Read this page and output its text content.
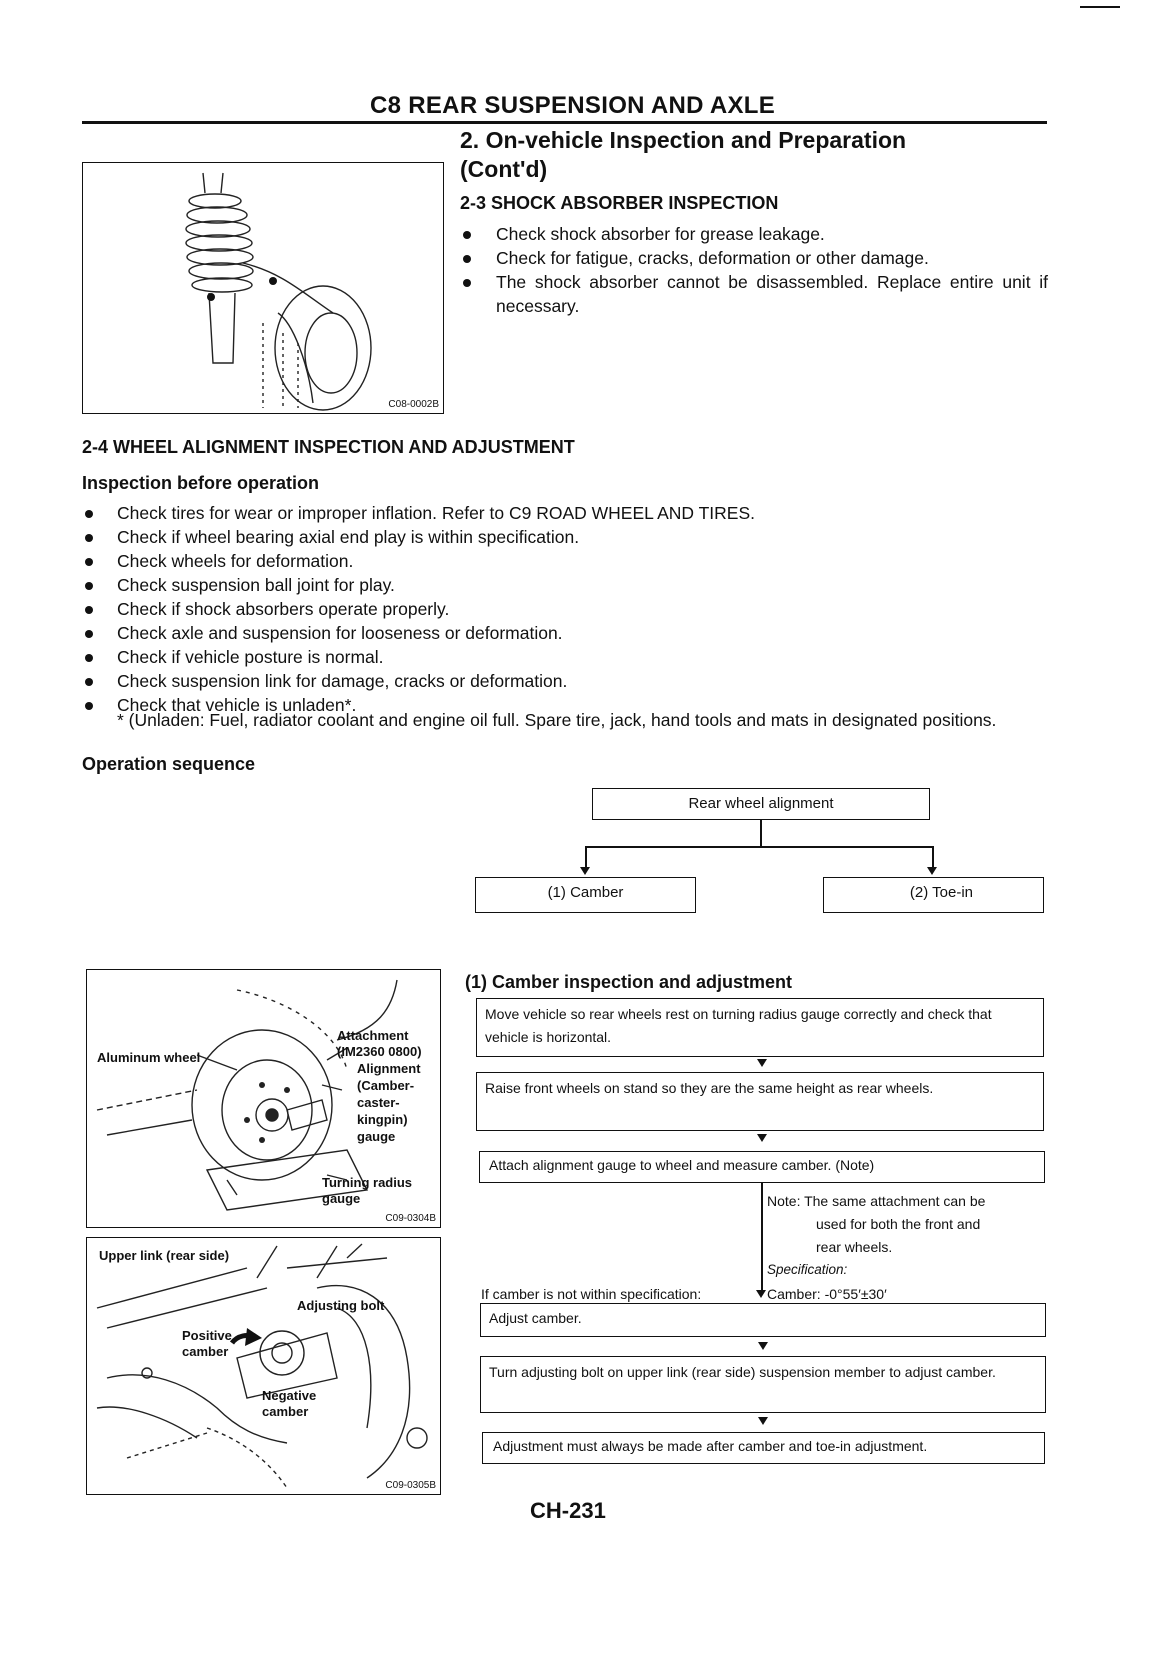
C8 REAR SUSPENSION AND AXLE
2. On-vehicle Inspection and Preparation
(Cont'd)
C08-0002B
2-3 SHOCK ABSORBER INSPECTION
Check shock absorber for grease leakage.
Check for fatigue, cracks, deformation or other damage.
The shock absorber cannot be disassembled. Replace entire unit if necessary.
2-4 WHEEL ALIGNMENT INSPECTION AND ADJUSTMENT
Inspection before operation
Check tires for wear or improper inflation. Refer to C9 ROAD WHEEL AND TIRES.
Check if wheel bearing axial end play is within specification.
Check wheels for deformation.
Check suspension ball joint for play.
Check if shock absorbers operate properly.
Check axle and suspension for looseness or deformation.
Check if vehicle posture is normal.
Check suspension link for damage, cracks or deformation.
Check that vehicle is unladen*.
* (Unladen: Fuel, radiator coolant and engine oil full. Spare tire, jack, hand tools and mats in designated positions.
Operation sequence
Rear wheel alignment
(1) Camber	(2) Toe-in
Aluminum wheel
Attachment
(IM2360 0800)
Alignment
(Camber-
caster-
kingpin)
gauge
Turning radius
gauge
C09-0304B
Upper link (rear side)
Adjusting bolt
Positive
camber
Negative
camber
C09-0305B
(1) Camber inspection and adjustment
Move vehicle so rear wheels rest on turning radius gauge correctly and check that vehicle is horizontal.
Raise front wheels on stand so they are the same height as rear wheels.
Attach alignment gauge to wheel and measure camber. (Note)
Note: The same attachment can be
used for both the front and
rear wheels.
Specification:
If camber is not within specification:	Camber: -0°55′±30′
Adjust camber.
Turn adjusting bolt on upper link (rear side) suspension member to adjust camber.
Adjustment must always be made after camber and toe-in adjustment.
CH-231
